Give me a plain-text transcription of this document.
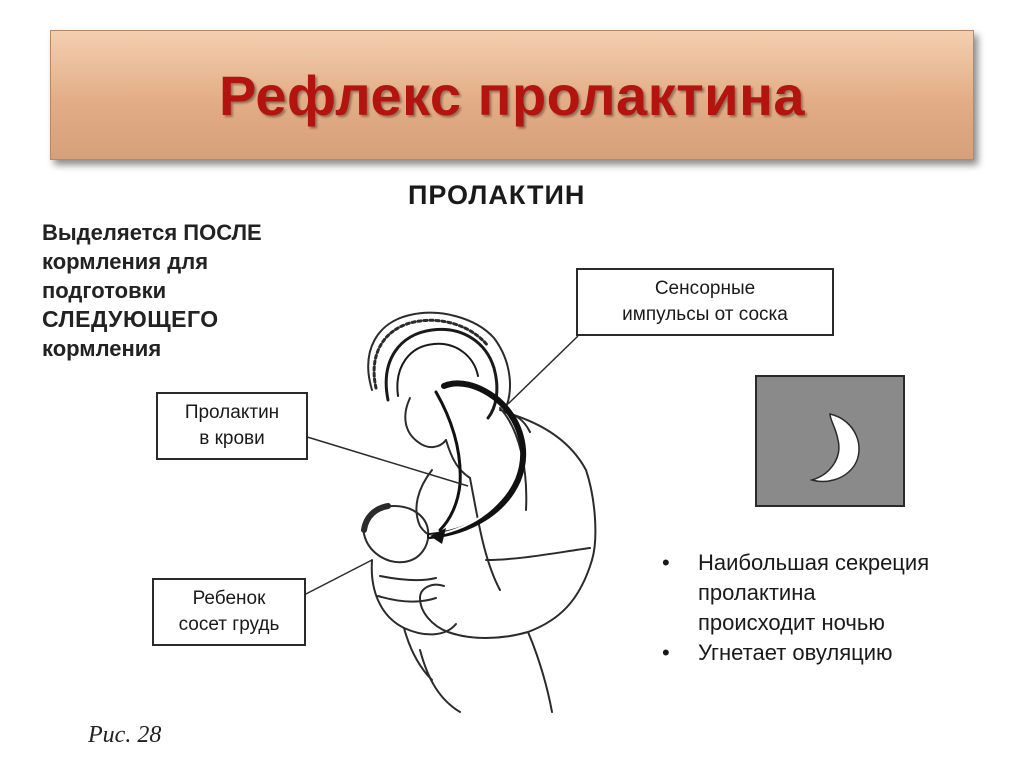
Рефлекс пролактина
ПРОЛАКТИН
Выделяется ПОСЛЕ
кормления для
подготовки
СЛЕДУЮЩЕГО
кормления
Сенсорные
импульсы от соска
Пролактин
в крови
Ребенок
сосет грудь
• Наибольшая секреция
пролактина
происходит ночью
• Угнетает овуляцию
Рис. 28
